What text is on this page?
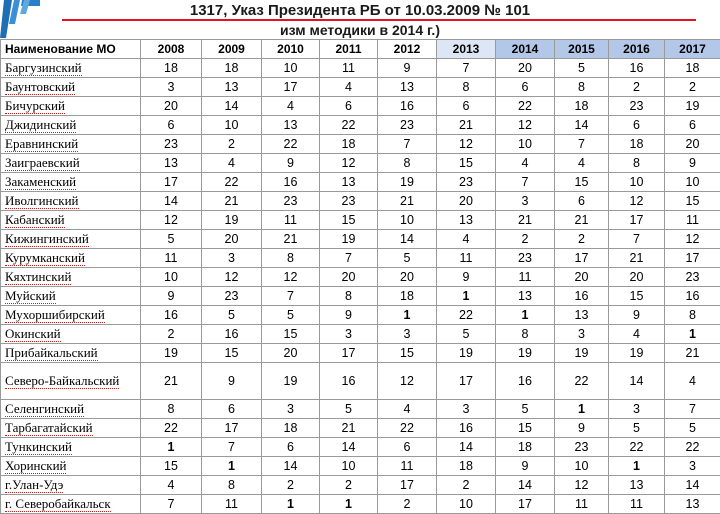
1317, Указ Президента РБ от 10.03.2009 № 101
изм методики в 2014 г.)
Наименование МО	2008	2009	2010	2011	2012	2013	2014	2015	2016	2017
Баргузинский	18	18	10	11	9	7	20	5	16	18
Баунтовский	3	13	17	4	13	8	6	8	2	2
Бичурский	20	14	4	6	16	6	22	18	23	19
Джидинский	6	10	13	22	23	21	12	14	6	6
Еравнинский	23	2	22	18	7	12	10	7	18	20
Заиграевский	13	4	9	12	8	15	4	4	8	9
Закаменский	17	22	16	13	19	23	7	15	10	10
Иволгинский	14	21	23	23	21	20	3	6	12	15
Кабанский	12	19	11	15	10	13	21	21	17	11
Кижингинский	5	20	21	19	14	4	2	2	7	12
Курумканский	11	3	8	7	5	11	23	17	21	17
Кяхтинский	10	12	12	20	20	9	11	20	20	23
Муйский	9	23	7	8	18	1	13	16	15	16
Мухоршибирский	16	5	5	9	1	22	1	13	9	8
Окинский	2	16	15	3	3	5	8	3	4	1
Прибайкальский	19	15	20	17	15	19	19	19	19	21
Северо-Байкальский	21	9	19	16	12	17	16	22	14	4
Селенгинский	8	6	3	5	4	3	5	1	3	7
Тарбагатайский	22	17	18	21	22	16	15	9	5	5
Тункинский	1	7	6	14	6	14	18	23	22	22
Хоринский	15	1	14	10	11	18	9	10	1	3
г.Улан-Удэ	4	8	2	2	17	2	14	12	13	14
г. Северобайкальск	7	11	1	1	2	10	17	11	11	13
